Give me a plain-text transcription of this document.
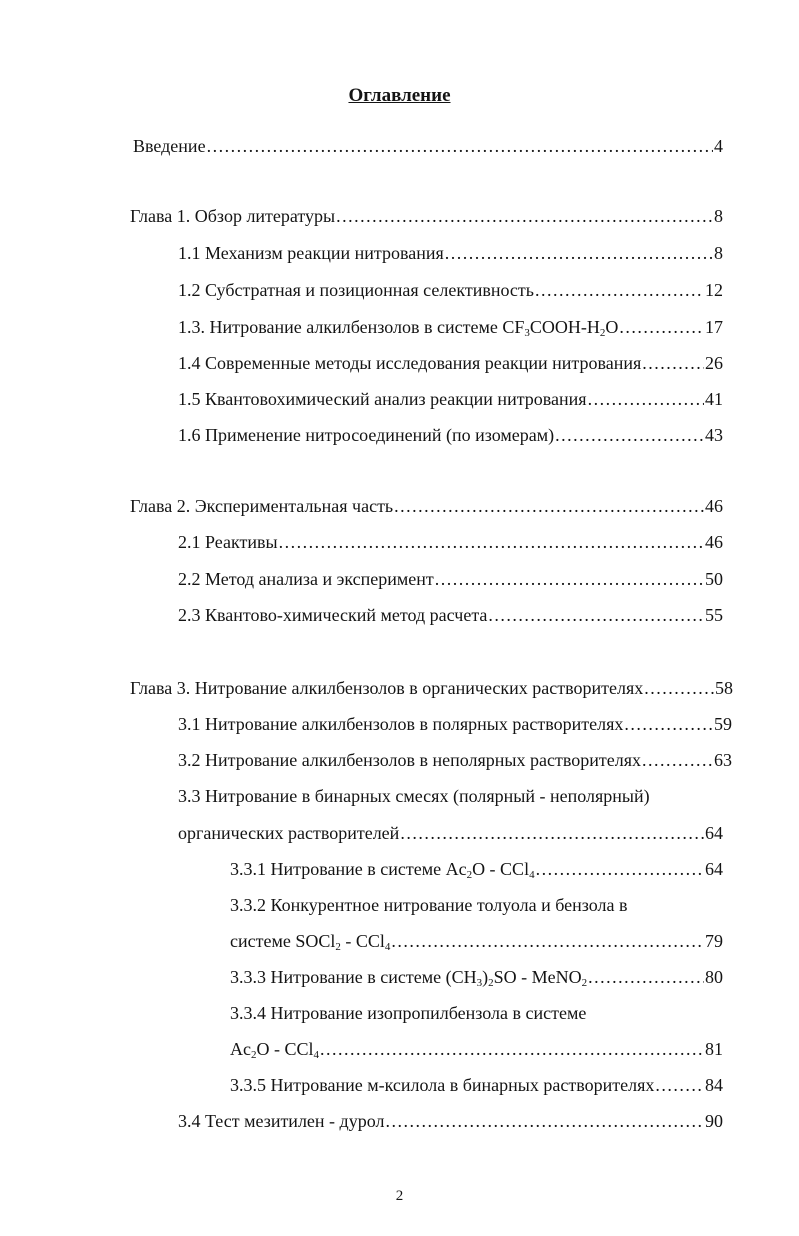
Оглавление
Введение .....	4
Глава 1. Обзор литературы .....	8
1.1 Механизм реакции нитрования .....	8
1.2 Субстратная и позиционная селективность .....	12
1.3. Нитрование алкилбензолов в системе $CF_3COOH-H_2O$ .....	17
1.4 Современные методы исследования реакции нитрования .....	26
1.5 Квантовохимический анализ реакции нитрования .....	41
1.6 Применение нитросоединений (по изомерам) .....	43
Глава 2. Экспериментальная часть .....	46
2.1 Реактивы .....	46
2.2 Метод анализа и эксперимент .....	50
2.3 Квантово-химический метод расчета .....	55
Глава 3. Нитрование алкилбензолов в органических растворителях .....	58
3.1 Нитрование алкилбензолов в полярных растворителях .....	59
3.2 Нитрование алкилбензолов в неполярных растворителях .....	63
3.3 Нитрование в бинарных смесях (полярный - неполярный)
органических растворителей .....	64
3.3.1 Нитрование в системе $Ac_2O - CCl_4$ .....	64
3.3.2 Конкурентное нитрование толуола и бензола в
системе SOCl$_2$ - CCl$_4$ .....	79
3.3.3 Нитрование в системе $(CH_3)_2SO$ - MeNO$_2$ .....	80
3.3.4 Нитрование изопропилбензола в системе
$Ac_2O - CCl_4$ .....	81
3.3.5 Нитрование м-ксилола в бинарных растворителях .....	84
3.4 Тест мезитилен - дурол .....	90
2
